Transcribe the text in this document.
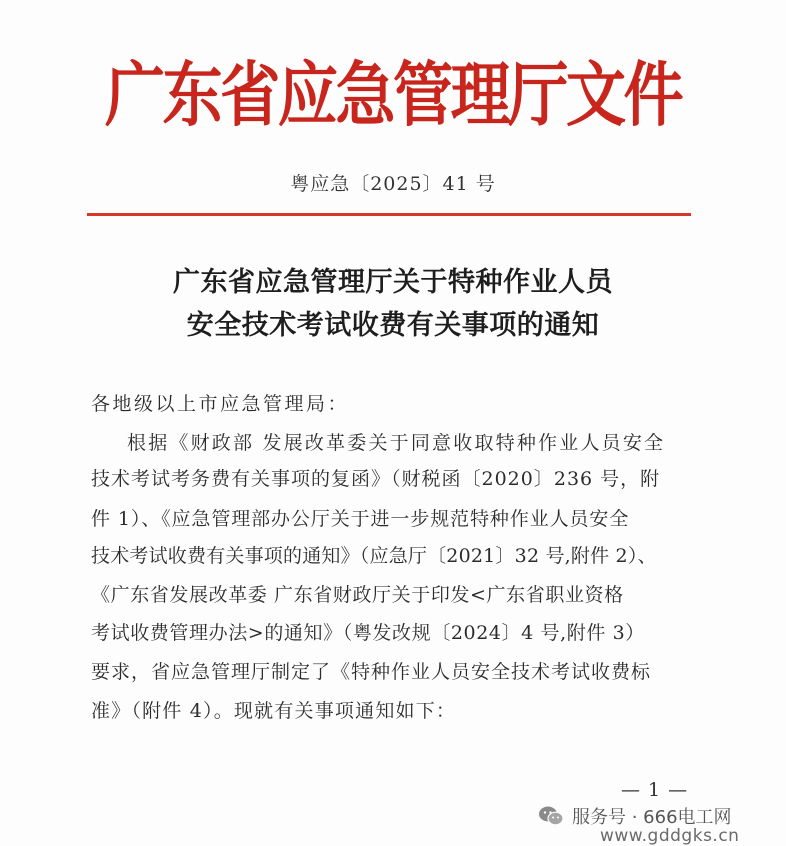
广东省应急管理厅文件
粤应急〔2025〕41 号
广东省应急管理厅关于特种作业人员
安全技术考试收费有关事项的通知
各地级以上市应急管理局：
根据《财政部 发展改革委关于同意收取特种作业人员安全
技术考试考务费有关事项的复函》（财税函〔2020〕236 号，附
件 1）、《应急管理部办公厅关于进一步规范特种作业人员安全
技术考试收费有关事项的通知》（应急厅〔2021〕32 号,附件 2）、
《广东省发展改革委 广东省财政厅关于印发<广东省职业资格
考试收费管理办法>的通知》（粤发改规〔2024〕4 号,附件 3）
要求，省应急管理厅制定了《特种作业人员安全技术考试收费标
准》（附件 4）。现就有关事项通知如下：
— 1 —
服务号 · 666电工网
www.gddgks.cn
